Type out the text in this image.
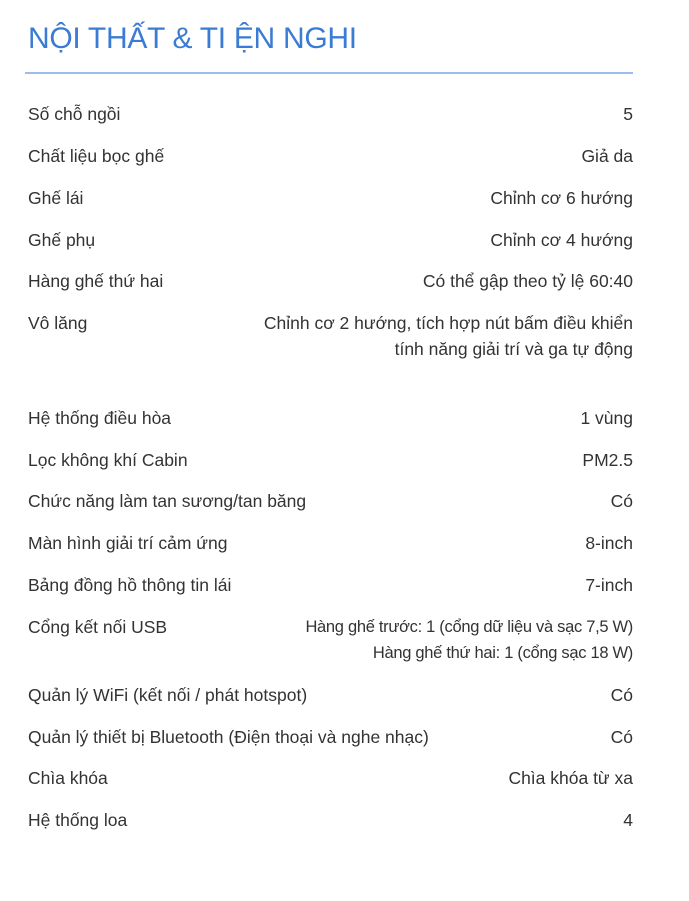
NỘI THẤT & TI ỆN NGHI
Số chỗ ngồi	5
Chất liệu bọc ghế	Giả da
Ghế lái	Chỉnh cơ 6 hướng
Ghế phụ	Chỉnh cơ 4 hướng
Hàng ghế thứ hai	Có thể gập theo tỷ lệ 60:40
Vô lăng	Chỉnh cơ 2 hướng, tích hợp nút bấm điều khiển
tính năng giải trí và ga tự động
Hệ thống điều hòa	1 vùng
Lọc không khí Cabin	PM2.5
Chức năng làm tan sương/tan băng	Có
Màn hình giải trí cảm ứng	8-inch
Bảng đồng hồ thông tin lái	7-inch
Cổng kết nối USB	Hàng ghế trước: 1 (cổng dữ liệu và sạc 7,5 W)
Hàng ghế thứ hai: 1 (cổng sạc 18 W)
Quản lý WiFi (kết nối / phát hotspot)	Có
Quản lý thiết bị Bluetooth (Điện thoại và nghe nhạc)	Có
Chìa khóa	Chìa khóa từ xa
Hệ thống loa	4
